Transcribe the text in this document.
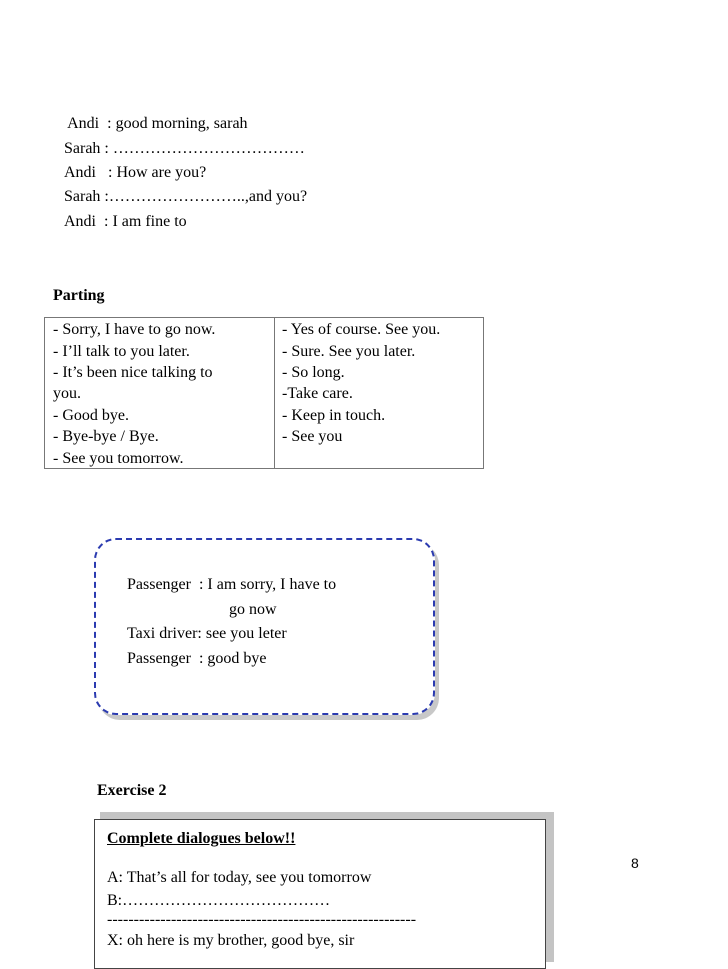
Andi  : good morning, sarah
Sarah : ………………………………
Andi   : How are you?
Sarah :……………………..,and you?
Andi  : I am fine to
Parting
- Sorry, I have to go now.
- I’ll talk to you later.
- It’s been nice talking to
you.
- Good bye.
- Bye-bye / Bye.
- See you tomorrow.
- Yes of course. See you.
- Sure. See you later.
- So long.
-Take care.
- Keep in touch.
- See you
Passenger  : I am sorry, I have to
go now
Taxi driver: see you leter
Passenger  : good bye
Exercise 2
Complete dialogues below!!
A: That’s all for today, see you tomorrow
B:…………………………………
----------------------------------------------------------
X: oh here is my brother, good bye, sir
8
